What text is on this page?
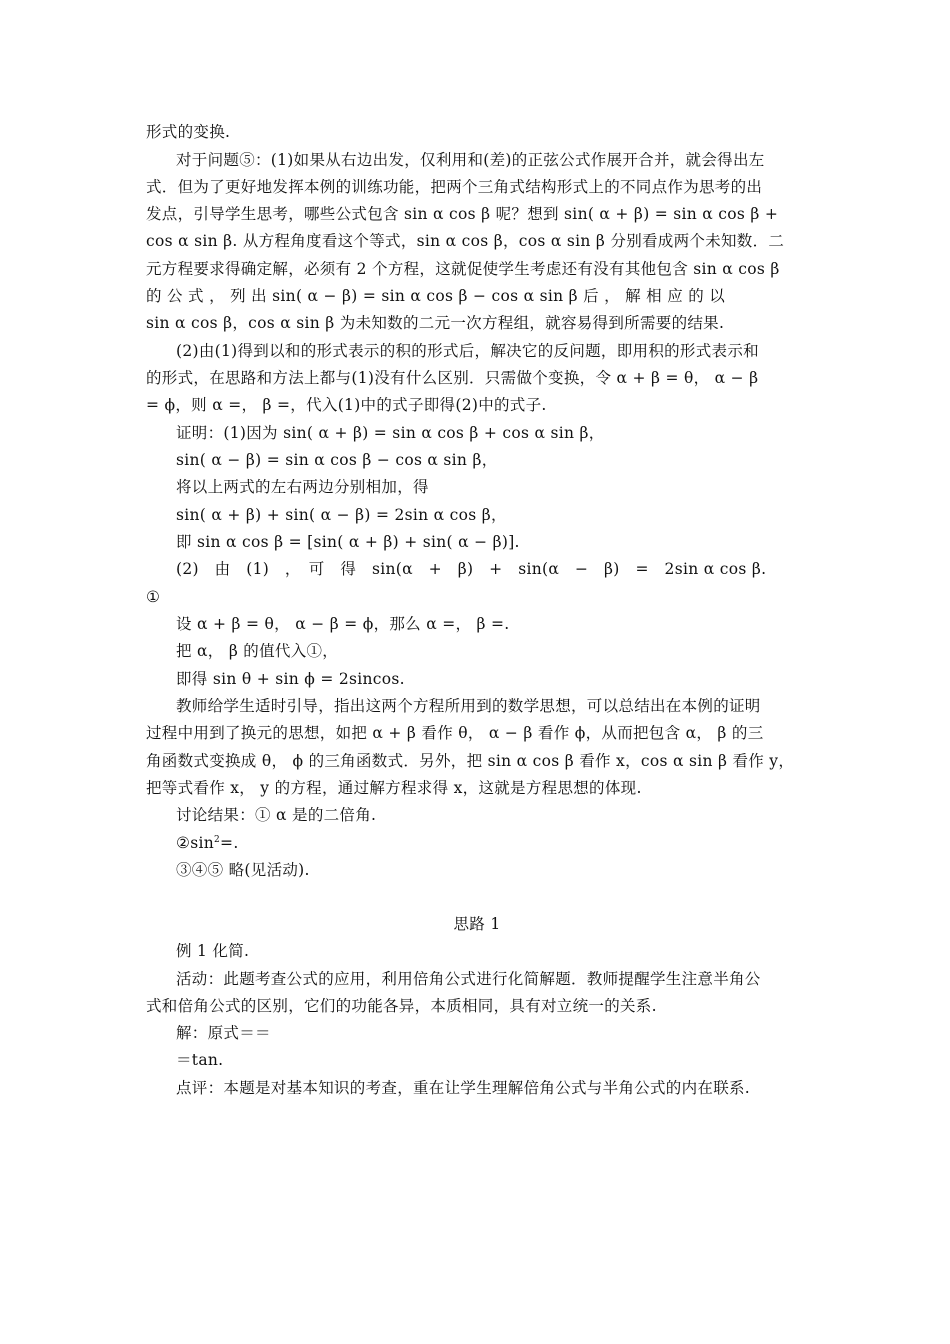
形式的变换.
对于问题⑤：(1)如果从右边出发，仅利用和(差)的正弦公式作展开合并，就会得出左
式．但为了更好地发挥本例的训练功能，把两个三角式结构形式上的不同点作为思考的出
发点，引导学生思考，哪些公式包含 sin α cos β 呢？想到 sin( α + β) = sin α cos β +
cos α sin β. 从方程角度看这个等式，sin α cos β，cos α sin β 分别看成两个未知数．二
元方程要求得确定解，必须有 2 个方程，这就促使学生考虑还有没有其他包含 sin α cos β
的 公 式 ， 列 出 sin( α − β) = sin α cos β − cos α sin β 后 ， 解 相 应 的 以
sin α cos β，cos α sin β 为未知数的二元一次方程组，就容易得到所需要的结果.
(2)由(1)得到以和的形式表示的积的形式后，解决它的反问题，即用积的形式表示和
的形式，在思路和方法上都与(1)没有什么区别．只需做个变换，令 α + β = θ， α − β
= ϕ，则 α =， β =，代入(1)中的式子即得(2)中的式子.
证明：(1)因为 sin( α + β) = sin α cos β + cos α sin β，
sin( α − β) = sin α cos β − cos α sin β，
将以上两式的左右两边分别相加，得
sin( α + β) + sin( α − β) = 2sin α cos β，
即 sin α cos β = [sin( α + β) + sin( α − β)].
(2)　由　(1)　，　可　得　sin(α　+　β)　+　sin(α　−　β)　=　2sin α cos β.
①
设 α + β = θ， α − β = ϕ，那么 α =， β =.
把 α， β 的值代入①，
即得 sin θ + sin ϕ = 2sincos.
教师给学生适时引导，指出这两个方程所用到的数学思想，可以总结出在本例的证明
过程中用到了换元的思想，如把 α + β 看作 θ， α − β 看作 ϕ，从而把包含 α， β 的三
角函数式变换成 θ， ϕ 的三角函数式．另外，把 sin α cos β 看作 x，cos α sin β 看作 y，
把等式看作 x， y 的方程，通过解方程求得 x，这就是方程思想的体现.
讨论结果：① α 是的二倍角.
$②\sin^2=$.
③④⑤ 略(见活动).
思路 1
例 1 化简.
活动：此题考查公式的应用，利用倍角公式进行化简解题．教师提醒学生注意半角公
式和倍角公式的区别，它们的功能各异，本质相同，具有对立统一的关系.
解：原式＝＝
＝tan.
点评：本题是对基本知识的考查，重在让学生理解倍角公式与半角公式的内在联系.
